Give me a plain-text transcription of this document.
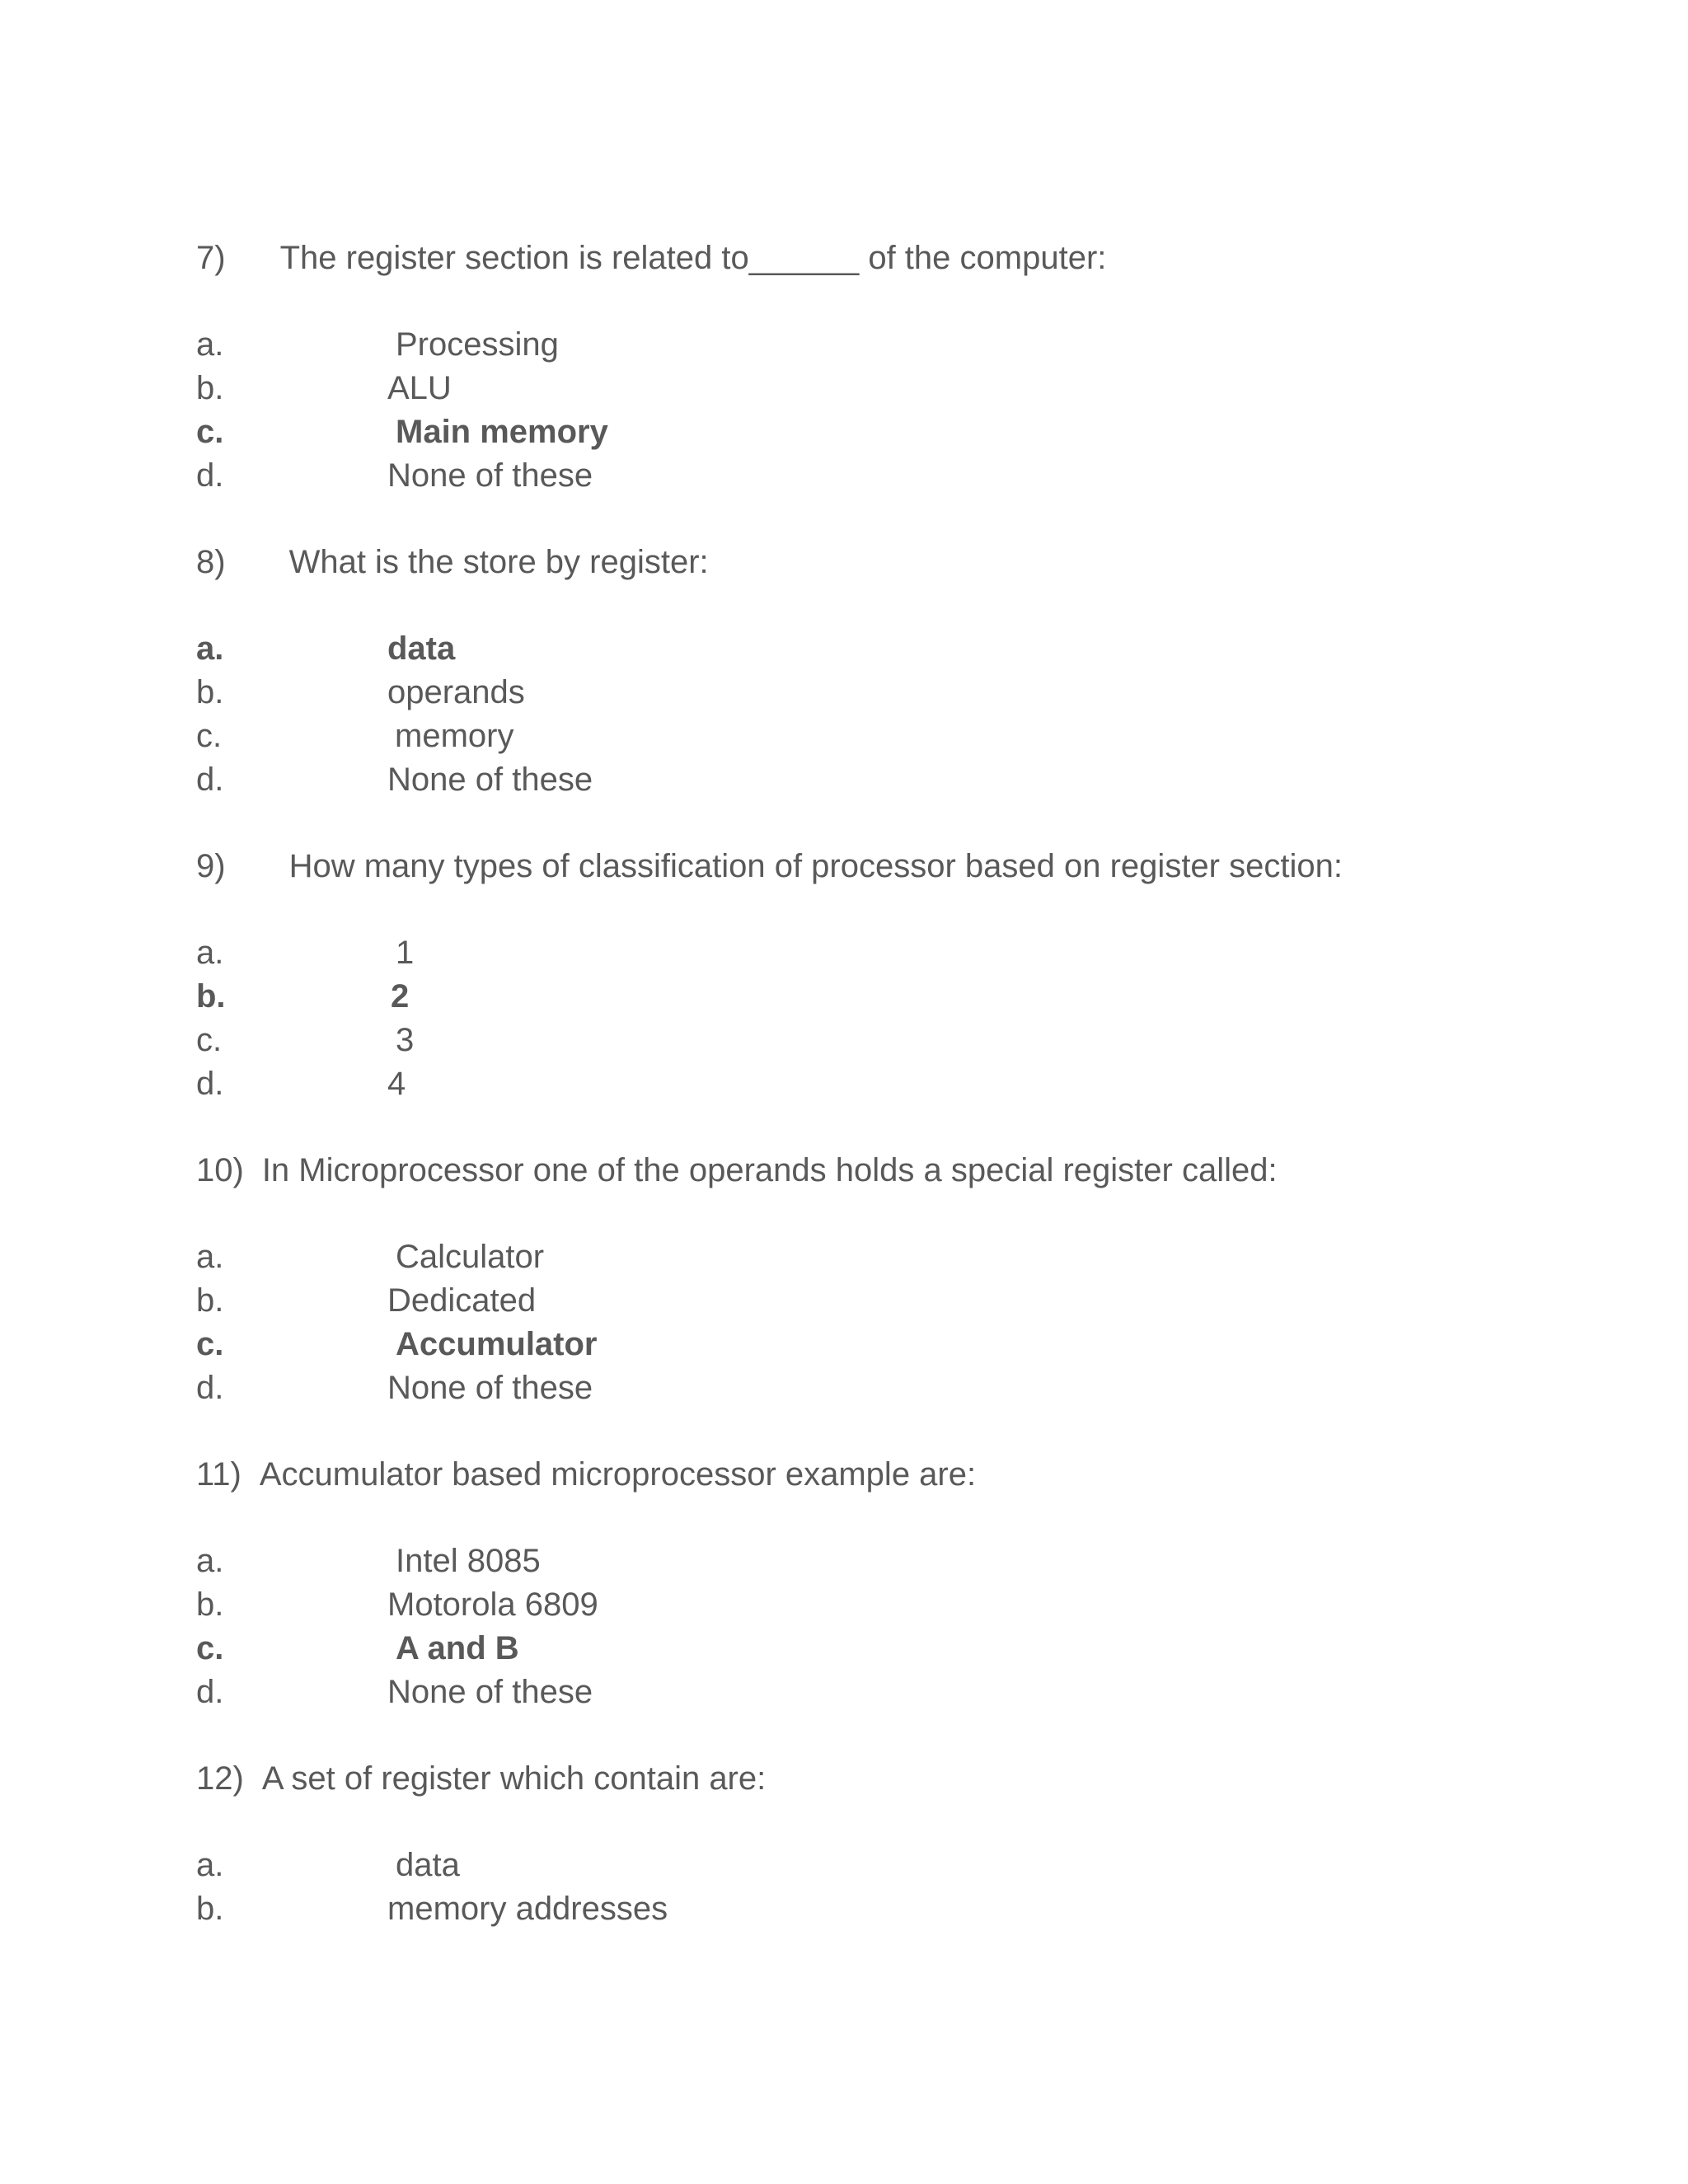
7) The register section is related to______ of the computer:
a.	Processing
b.	ALU
c.	Main memory
d.	None of these
8) What is the store by register:
a.	data
b.	operands
c.	memory
d.	None of these
9) How many types of classification of processor based on register section:
a.	1
b.	2
c.	3
d.	4
10) In Microprocessor one of the operands holds a special register called:
a.	Calculator
b.	Dedicated
c.	Accumulator
d.	None of these
11) Accumulator based microprocessor example are:
a.	Intel 8085
b.	Motorola 6809
c.	A and B
d.	None of these
12) A set of register which contain are:
a.	data
b.	memory addresses
